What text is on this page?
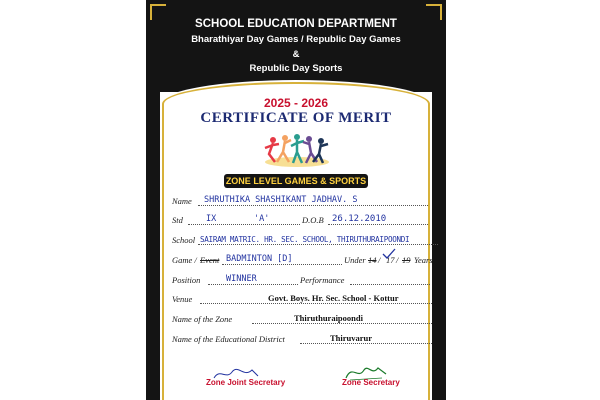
SCHOOL EDUCATION DEPARTMENT
Bharathiyar Day Games / Republic Day Games
&
Republic Day Sports
2025 - 2026
CERTIFICATE OF MERIT
ZONE LEVEL GAMES & SPORTS
Name SHRUTHIKA SHASHIKANT JADHAV. S
Std	IX	'A'	D.O.B 26.12.2010
School SAIRAM MATRIC. HR. SEC. SCHOOL, THIRUTHURAIPOONDI
Game / Event BADMINTON [D]	Under 14 / 17 / 19 Years
Position	WINNER	Performance
Venue	Govt. Boys. Hr. Sec. School - Kottur
Name of the Zone	Thiruthuraipoondi
Name of the Educational District	Thiruvarur
Zone Joint Secretary	Zone Secretary
